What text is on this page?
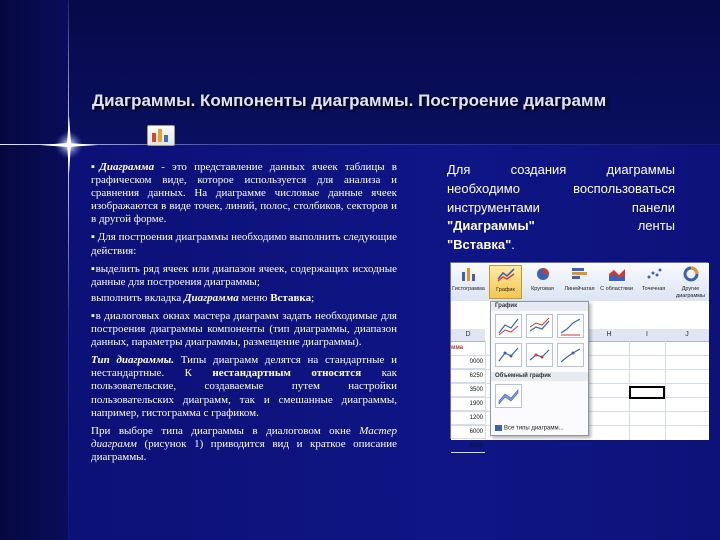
Диаграммы. Компоненты диаграммы. Построение диаграмм

▪Диаграмма - это представление данных ячеек таблицы в графическом виде, которое используется для анализа и сравнения данных. На диаграмме числовые данные ячеек изображаются в виде точек, линий, полос, столбиков, секторов и в другой форме.

▪ Для построения диаграммы необходимо выполнить следующие действия:

▪выделить ряд ячеек или диапазон ячеек, содержащих исходные данные для построения диаграммы;

выполнить вкладка Диаграмма меню Вставка;

▪в диалоговых окнах мастера диаграмм задать необходимые для построения диаграммы компоненты (тип диаграммы, диапазон данных, параметры диаграммы, размещение диаграммы).

Тип диаграммы. Типы диаграмм делятся на стандартные и нестандартные. К нестандартным относятся как пользовательские, создаваемые путем настройки пользовательских диаграмм, так и смешанные диаграммы, например, гистограмма с графиком.

При выборе типа диаграммы в диалоговом окне Мастер диаграмм (рисунок 1) приводится вид и краткое описание диаграммы.

Для создания диаграммы необходимо воспользоваться инструментами панели "Диаграммы" ленты
"Вставка".
Гистограмма	График	Круговая	Линейчатая С областями	Точечная	Другие диаграммы
D	H	I	J
мма
0000
6250
3500
1900
1200
6000
8000
График
Объемный график
Все типы диаграмм...
